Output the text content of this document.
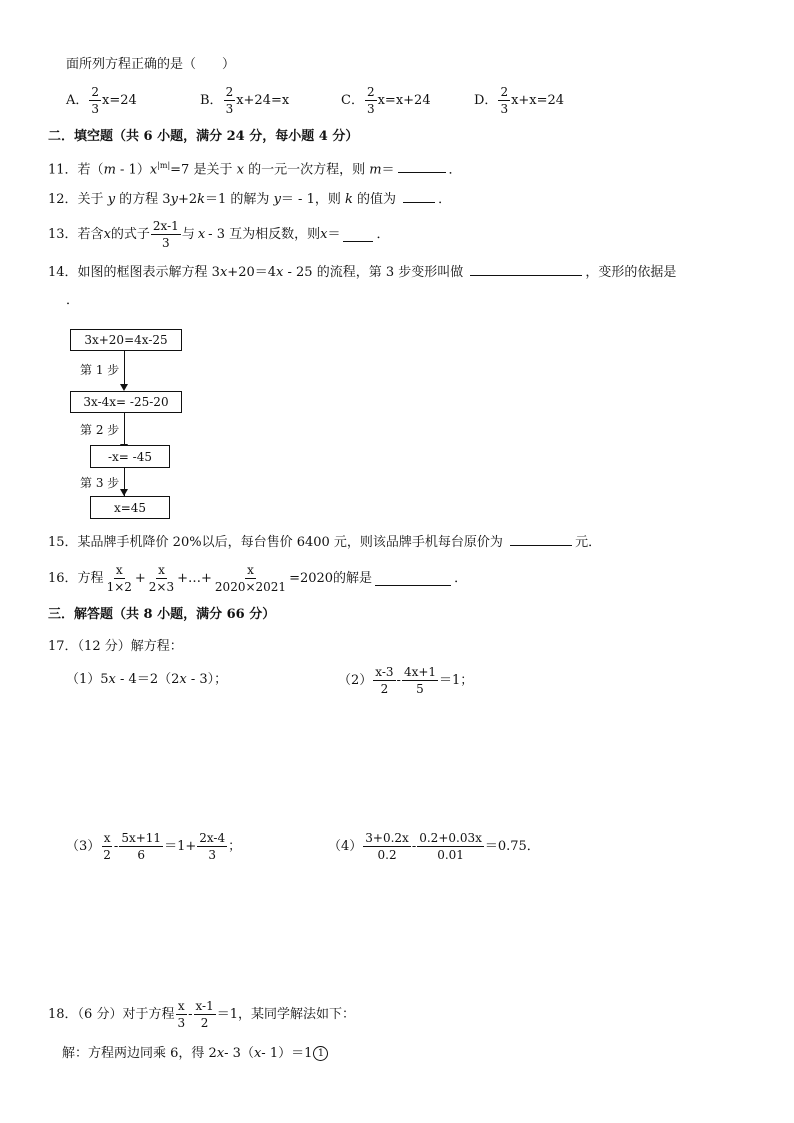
面所列方程正确的是（　　）
A． $\frac{2}{3} x=24$	B． $\frac{2}{3} x+24=x$	C． $\frac{2}{3} x=x+24$	D． $\frac{2}{3} x+x=24$
二．填空题（共 6 小题，满分 24 分，每小题 4 分）
11．若$(m - 1)x^{|m|}=7$ 是关于 x 的一元一次方程，则 m＝	．
12．关于 y 的方程 3y+2k＝1 的解为 y＝ - 1，则 k 的值为	．
13． 若含 x 的式子 $\frac{2x-1}{3}$ 与 x - 3 互为相反数，则 x ＝	．
14．如图的框图表示解方程 3x+20＝4x - 25 的流程，第 3 步变形叫做	，变形的依据是
．
3x+20=4x-25
第 1 步
3x-4x= -25-20
第 2 步
-x= -45
第 3 步
x=45
15．某品牌手机降价 20%以后，每台售价 6400 元，则该品牌手机每台原价为	元．
16． 方程 $\frac{x}{1\times 2} + \frac{x}{2\times 3}$ +…+ $\frac{x}{2020\times 2021} =2020$ 的解是	．
三．解答题（共 8 小题，满分 66 分）
17．（12 分）解方程：
（1）5x - 4＝2（2x - 3）；	$(2) \frac{x-3}{2} - \frac{4x+1}{5} =1$；
$(3) \frac{x}{2} - \frac{5x+11}{6} =1+ \frac{2x-4}{3}$ ；	$(4) \frac{3+0.2x}{0.2} - \frac{0.2+0.03x}{0.01} =0.75$．
18．（6 分）对于方程 $\frac{x}{3} - \frac{x-1}{2} =1$，某同学解法如下：
解：方程两边同乘 6，得 2 x - 3（ x - 1）＝1 1
